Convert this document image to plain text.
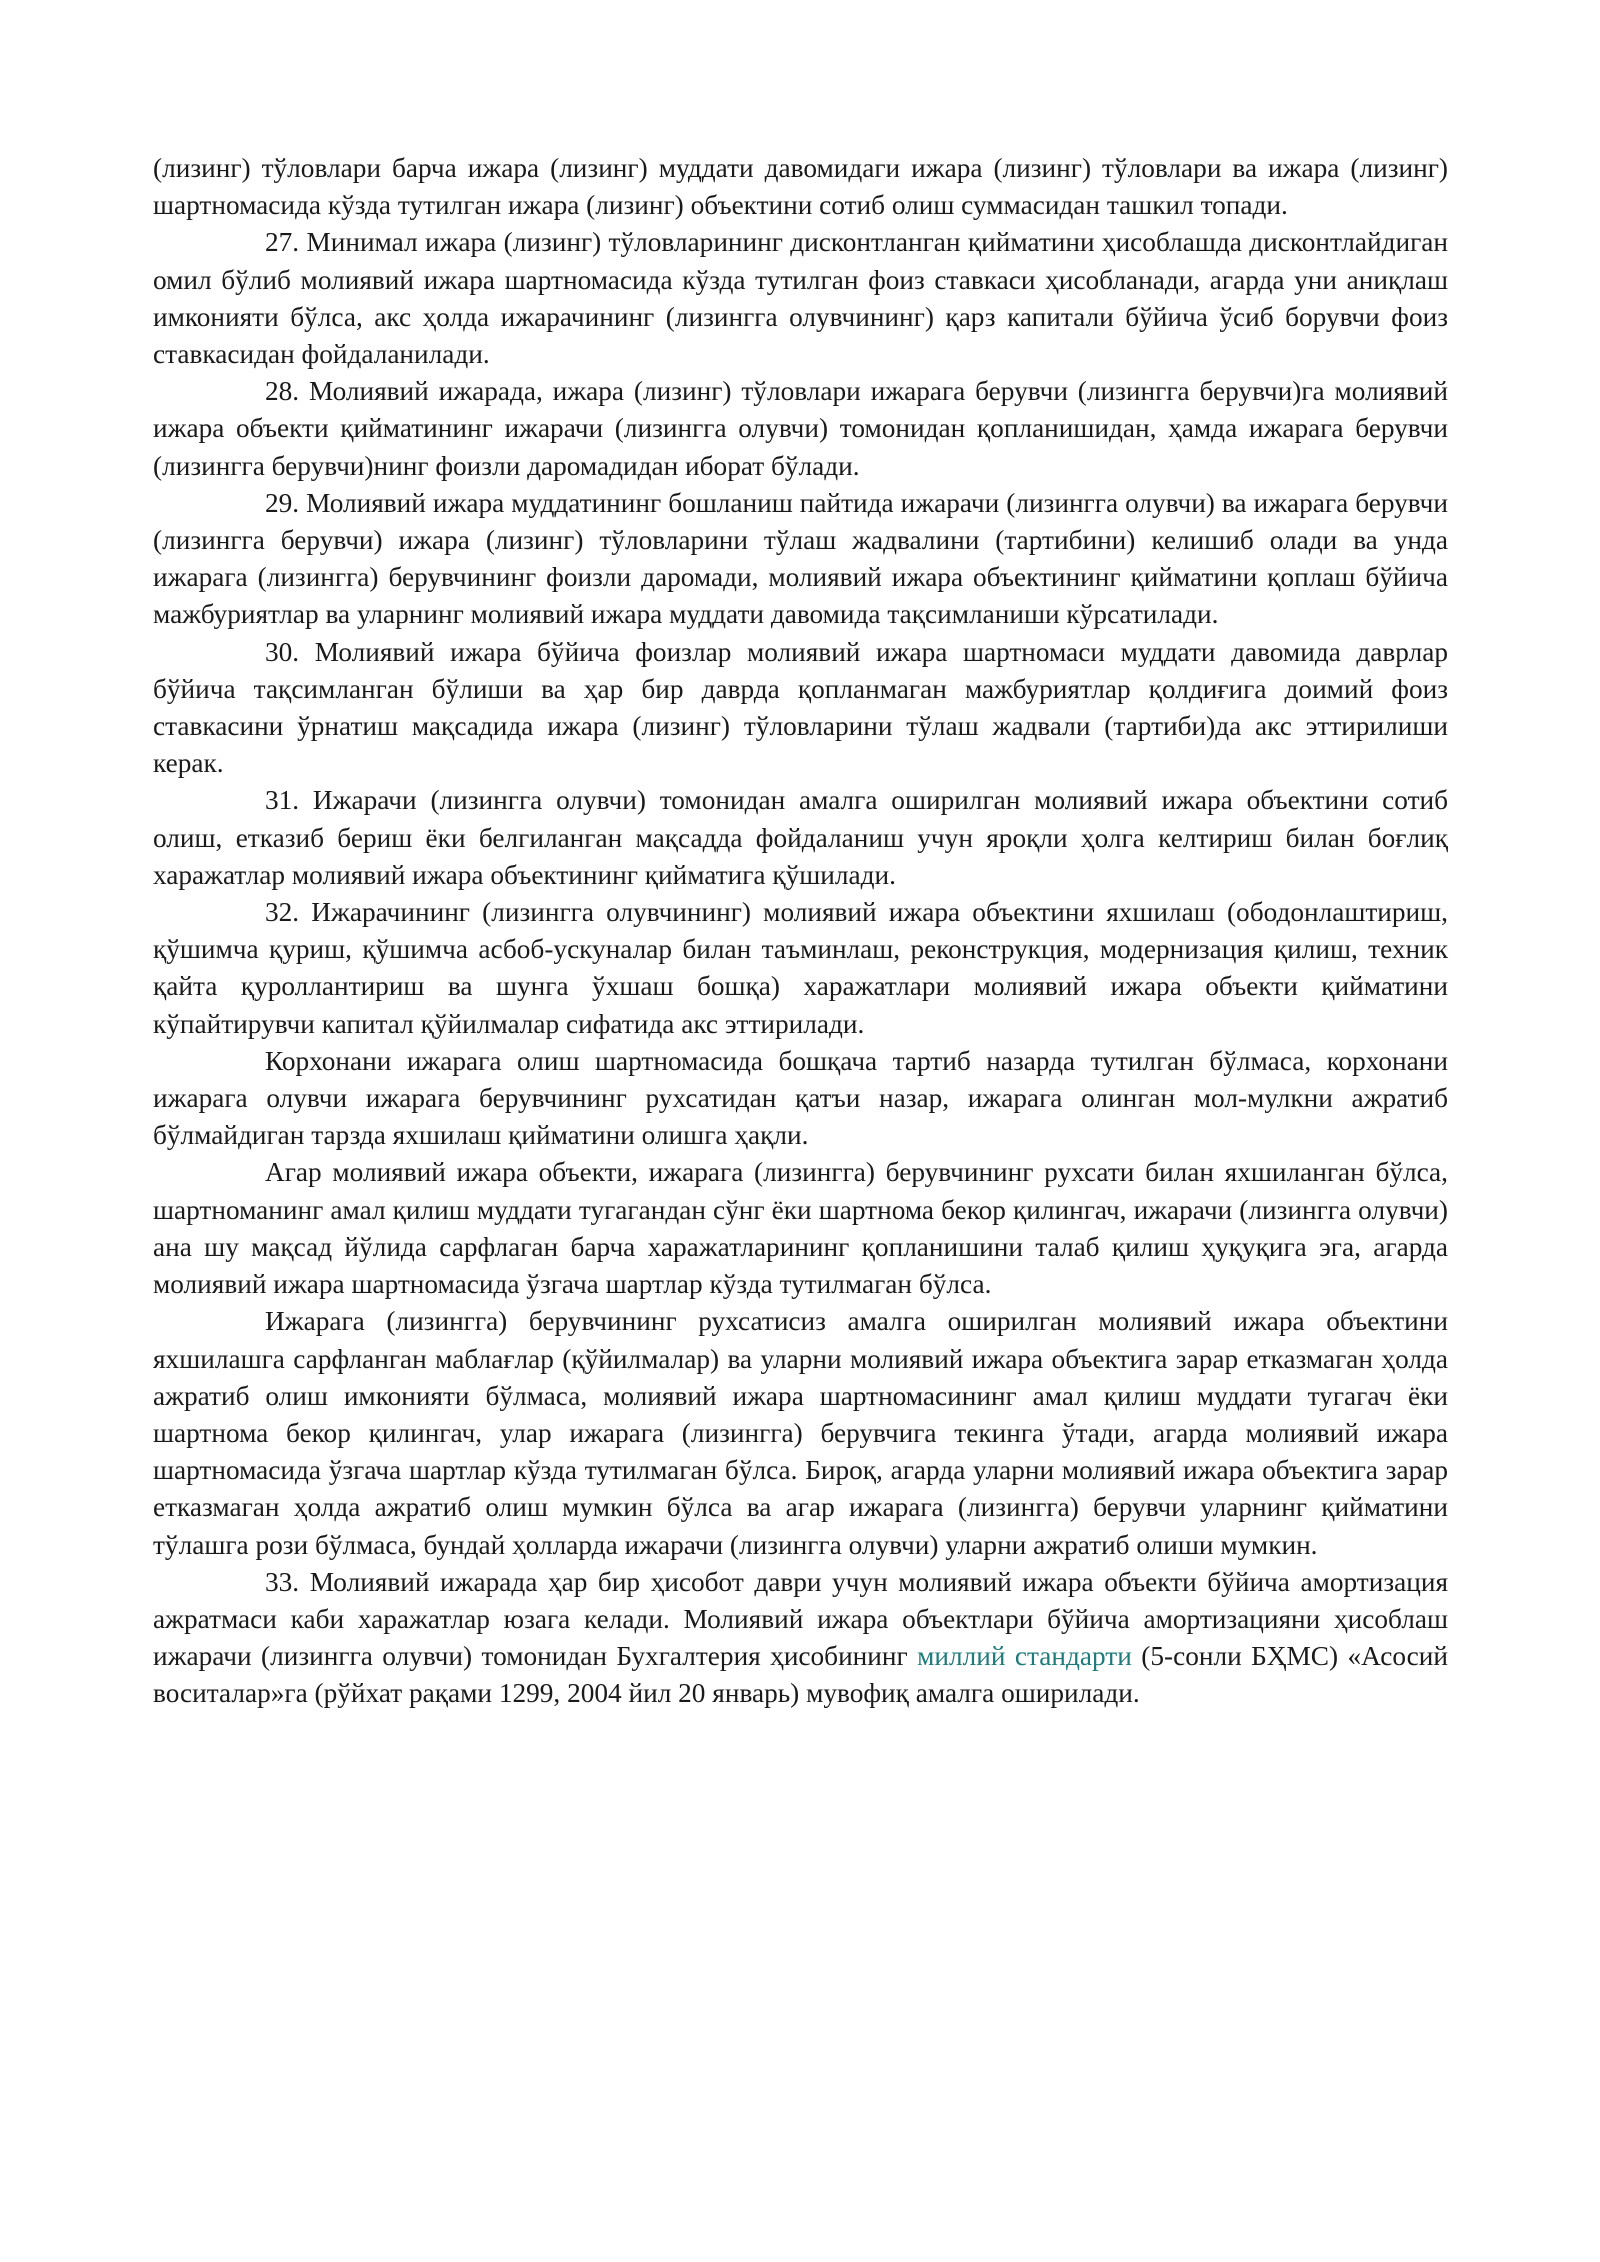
(лизинг) тўловлари барча ижара (лизинг) муддати давомидаги ижара (лизинг) тўловлари ва ижара (лизинг) шартномасида кўзда тутилган ижара (лизинг) объектини сотиб олиш суммасидан ташкил топади.

27. Минимал ижара (лизинг) тўловларининг дисконтланган қийматини ҳисоблашда дисконтлайдиган омил бўлиб молиявий ижара шартномасида кўзда тутилган фоиз ставкаси ҳисобланади, агарда уни аниқлаш имконияти бўлса, акс ҳолда ижарачининг (лизингга олувчининг) қарз капитали бўйича ўсиб борувчи фоиз ставкасидан фойдаланилади.

28. Молиявий ижарада, ижара (лизинг) тўловлари ижарага берувчи (лизингга берувчи)га молиявий ижара объекти қийматининг ижарачи (лизингга олувчи) томонидан қопланишидан, ҳамда ижарага берувчи (лизингга берувчи)нинг фоизли даромадидан иборат бўлади.

29. Молиявий ижара муддатининг бошланиш пайтида ижарачи (лизингга олувчи) ва ижарага берувчи (лизингга берувчи) ижара (лизинг) тўловларини тўлаш жадвалини (тартибини) келишиб олади ва унда ижарага (лизингга) берувчининг фоизли даромади, молиявий ижара объектининг қийматини қоплаш бўйича мажбуриятлар ва уларнинг молиявий ижара муддати давомида тақсимланиши кўрсатилади.

30. Молиявий ижара бўйича фоизлар молиявий ижара шартномаси муддати давомида даврлар бўйича тақсимланган бўлиши ва ҳар бир даврда қопланмаган мажбуриятлар қолдиғига доимий фоиз ставкасини ўрнатиш мақсадида ижара (лизинг) тўловларини тўлаш жадвали (тартиби)да акс эттирилиши керак.

31. Ижарачи (лизингга олувчи) томонидан амалга оширилган молиявий ижара объектини сотиб олиш, етказиб бериш ёки белгиланган мақсадда фойдаланиш учун яроқли ҳолга келтириш билан боғлиқ харажатлар молиявий ижара объектининг қийматига қўшилади.

32. Ижарачининг (лизингга олувчининг) молиявий ижара объектини яхшилаш (ободонлаштириш, қўшимча қуриш, қўшимча асбоб-ускуналар билан таъминлаш, реконструкция, модернизация қилиш, техник қайта қуроллантириш ва шунга ўхшаш бошқа) харажатлари молиявий ижара объекти қийматини кўпайтирувчи капитал қўйилмалар сифатида акс эттирилади.

Корхонани ижарага олиш шартномасида бошқача тартиб назарда тутилган бўлмаса, корхонани ижарага олувчи ижарага берувчининг рухсатидан қатъи назар, ижарага олинган мол-мулкни ажратиб бўлмайдиган тарзда яхшилаш қийматини олишга ҳақли.

Агар молиявий ижара объекти, ижарага (лизингга) берувчининг рухсати билан яхшиланган бўлса, шартноманинг амал қилиш муддати тугагандан сўнг ёки шартнома бекор қилингач, ижарачи (лизингга олувчи) ана шу мақсад йўлида сарфлаган барча харажатларининг қопланишини талаб қилиш ҳуқуқига эга, агарда молиявий ижара шартномасида ўзгача шартлар кўзда тутилмаган бўлса.

Ижарага (лизингга) берувчининг рухсатисиз амалга оширилган молиявий ижара объектини яхшилашга сарфланган маблағлар (қўйилмалар) ва уларни молиявий ижара объектига зарар етказмаган ҳолда ажратиб олиш имконияти бўлмаса, молиявий ижара шартномасининг амал қилиш муддати тугагач ёки шартнома бекор қилингач, улар ижарага (лизингга) берувчига текинга ўтади, агарда молиявий ижара шартномасида ўзгача шартлар кўзда тутилмаган бўлса. Бироқ, агарда уларни молиявий ижара объектига зарар етказмаган ҳолда ажратиб олиш мумкин бўлса ва агар ижарага (лизингга) берувчи уларнинг қийматини тўлашга рози бўлмаса, бундай ҳолларда ижарачи (лизингга олувчи) уларни ажратиб олиши мумкин.

33. Молиявий ижарада ҳар бир ҳисобот даври учун молиявий ижара объекти бўйича амортизация ажратмаси каби харажатлар юзага келади. Молиявий ижара объектлари бўйича амортизацияни ҳисоблаш ижарачи (лизингга олувчи) томонидан Бухгалтерия ҳисобининг миллий стандарти (5-сонли БҲМС) «Асосий воситалар»га (рўйхат рақами 1299, 2004 йил 20 январь) мувофиқ амалга оширилади.
